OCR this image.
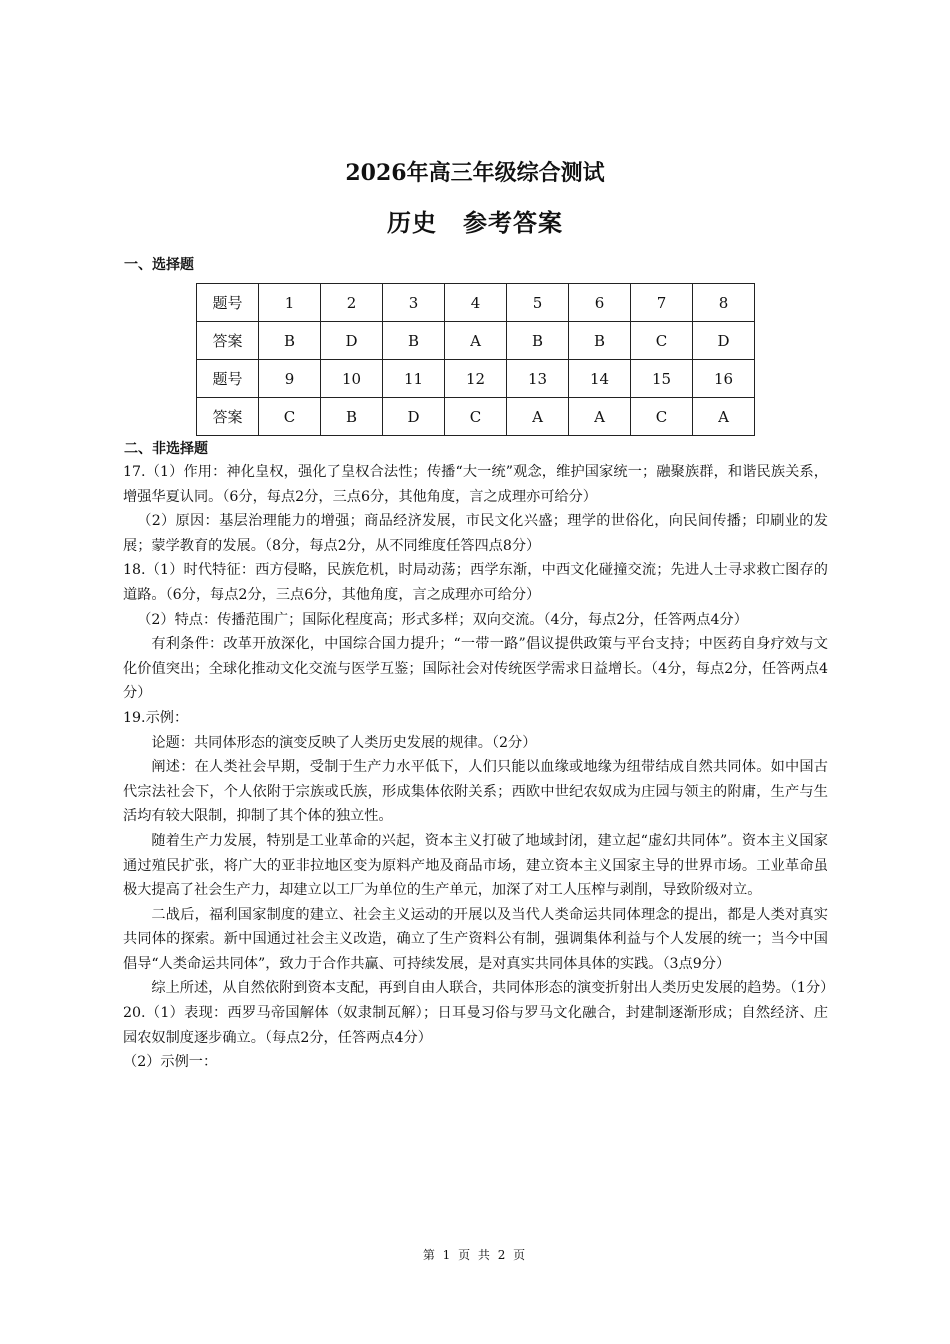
2026年高三年级综合测试
历史 参考答案
一、选择题
题号	1	2	3	4	5	6	7	8
答案	B	D	B	A	B	B	C	D
题号	9	10	11	12	13	14	15	16
答案	C	B	D	C	A	A	C	A
二、非选择题

17.（1）作用：神化皇权，强化了皇权合法性；传播“大一统”观念，维护国家统一；融聚族群，和谐民族关系，增强华夏认同。（6分，每点2分，三点6分，其他角度，言之成理亦可给分）

（2）原因：基层治理能力的增强；商品经济发展，市民文化兴盛；理学的世俗化，向民间传播；印刷业的发展；蒙学教育的发展。（8分，每点2分，从不同维度任答四点8分）

18.（1）时代特征：西方侵略，民族危机，时局动荡；西学东渐，中西文化碰撞交流；先进人士寻求救亡图存的道路。（6分，每点2分，三点6分，其他角度，言之成理亦可给分）

（2）特点：传播范围广；国际化程度高；形式多样；双向交流。（4分，每点2分，任答两点4分）

有利条件：改革开放深化，中国综合国力提升；“一带一路”倡议提供政策与平台支持；中医药自身疗效与文化价值突出；全球化推动文化交流与医学互鉴；国际社会对传统医学需求日益增长。（4分，每点2分，任答两点4分）

19.示例：

论题：共同体形态的演变反映了人类历史发展的规律。（2分）

阐述：在人类社会早期，受制于生产力水平低下，人们只能以血缘或地缘为纽带结成自然共同体。如中国古代宗法社会下，个人依附于宗族或氏族，形成集体依附关系；西欧中世纪农奴成为庄园与领主的附庸，生产与生活均有较大限制，抑制了其个体的独立性。

随着生产力发展，特别是工业革命的兴起，资本主义打破了地域封闭，建立起“虚幻共同体”。资本主义国家通过殖民扩张，将广大的亚非拉地区变为原料产地及商品市场，建立资本主义国家主导的世界市场。工业革命虽极大提高了社会生产力，却建立以工厂为单位的生产单元，加深了对工人压榨与剥削，导致阶级对立。

二战后，福利国家制度的建立、社会主义运动的开展以及当代人类命运共同体理念的提出，都是人类对真实共同体的探索。新中国通过社会主义改造，确立了生产资料公有制，强调集体利益与个人发展的统一；当今中国倡导“人类命运共同体”，致力于合作共赢、可持续发展，是对真实共同体具体的实践。（3点9分）

综上所述，从自然依附到资本支配，再到自由人联合，共同体形态的演变折射出人类历史发展的趋势。（1分）

20.（1）表现：西罗马帝国解体（奴隶制瓦解）；日耳曼习俗与罗马文化融合，封建制逐渐形成；自然经济、庄园农奴制度逐步确立。（每点2分，任答两点4分）

（2）示例一：

第 1 页 共 2 页
